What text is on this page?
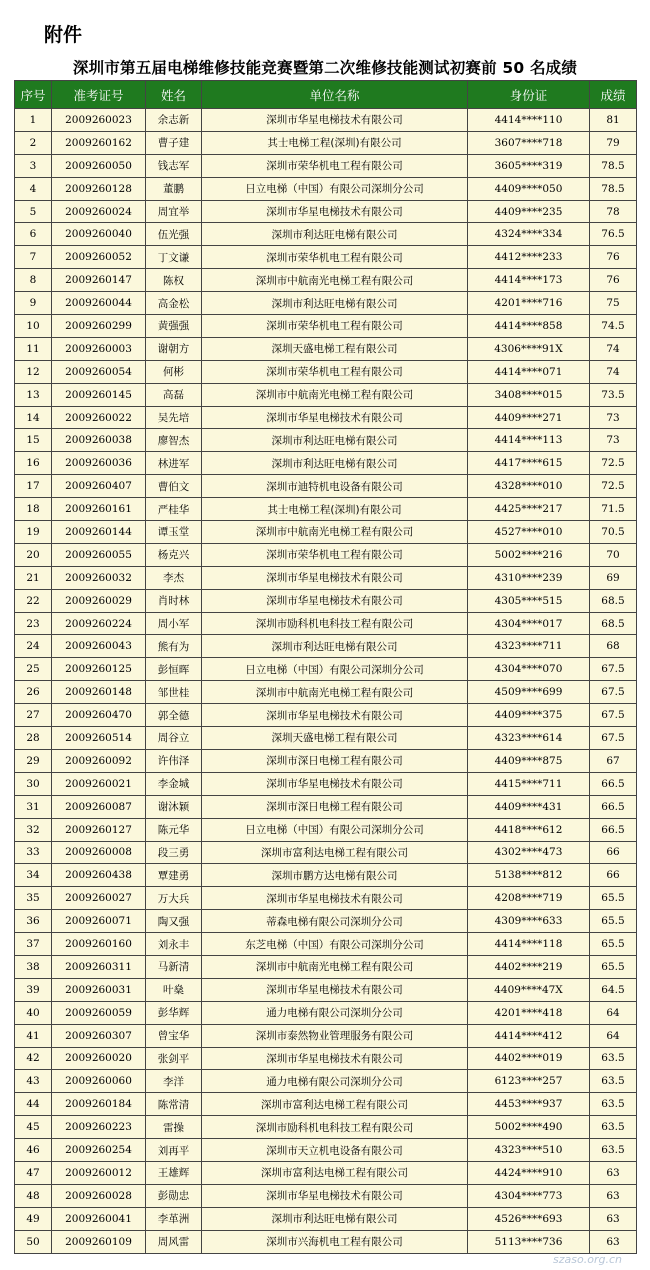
附件
深圳市第五届电梯维修技能竞赛暨第二次维修技能测试初赛前 50 名成绩
序号	准考证号	姓名	单位名称	身份证	成绩
1	2009260023	余志新	深圳市华星电梯技术有限公司	4414****110	81
2	2009260162	曹子建	其士电梯工程(深圳)有限公司	3607****718	79
3	2009260050	钱志军	深圳市荣华机电工程有限公司	3605****319	78.5
4	2009260128	董鹏	日立电梯（中国）有限公司深圳分公司	4409****050	78.5
5	2009260024	周宜举	深圳市华星电梯技术有限公司	4409****235	78
6	2009260040	伍光强	深圳市利达旺电梯有限公司	4324****334	76.5
7	2009260052	丁文谦	深圳市荣华机电工程有限公司	4412****233	76
8	2009260147	陈权	深圳市中航南光电梯工程有限公司	4414****173	76
9	2009260044	高金松	深圳市利达旺电梯有限公司	4201****716	75
10	2009260299	黄强强	深圳市荣华机电工程有限公司	4414****858	74.5
11	2009260003	谢朝方	深圳天盛电梯工程有限公司	4306****91X	74
12	2009260054	何彬	深圳市荣华机电工程有限公司	4414****071	74
13	2009260145	高磊	深圳市中航南光电梯工程有限公司	3408****015	73.5
14	2009260022	吴先培	深圳市华星电梯技术有限公司	4409****271	73
15	2009260038	廖智杰	深圳市利达旺电梯有限公司	4414****113	73
16	2009260036	林进军	深圳市利达旺电梯有限公司	4417****615	72.5
17	2009260407	曹伯文	深圳市迪特机电设备有限公司	4328****010	72.5
18	2009260161	严桂华	其士电梯工程(深圳)有限公司	4425****217	71.5
19	2009260144	谭玉堂	深圳市中航南光电梯工程有限公司	4527****010	70.5
20	2009260055	杨克兴	深圳市荣华机电工程有限公司	5002****216	70
21	2009260032	李杰	深圳市华星电梯技术有限公司	4310****239	69
22	2009260029	肖时林	深圳市华星电梯技术有限公司	4305****515	68.5
23	2009260224	周小军	深圳市励科机电科技工程有限公司	4304****017	68.5
24	2009260043	熊有为	深圳市利达旺电梯有限公司	4323****711	68
25	2009260125	彭恒晖	日立电梯（中国）有限公司深圳分公司	4304****070	67.5
26	2009260148	邹世桂	深圳市中航南光电梯工程有限公司	4509****699	67.5
27	2009260470	郭全德	深圳市华星电梯技术有限公司	4409****375	67.5
28	2009260514	周谷立	深圳天盛电梯工程有限公司	4323****614	67.5
29	2009260092	许伟泽	深圳市深日电梯工程有限公司	4409****875	67
30	2009260021	李金城	深圳市华星电梯技术有限公司	4415****711	66.5
31	2009260087	谢沐颖	深圳市深日电梯工程有限公司	4409****431	66.5
32	2009260127	陈元华	日立电梯（中国）有限公司深圳分公司	4418****612	66.5
33	2009260008	段三勇	深圳市富利达电梯工程有限公司	4302****473	66
34	2009260438	覃建勇	深圳市鹏方达电梯有限公司	5138****812	66
35	2009260027	万大兵	深圳市华星电梯技术有限公司	4208****719	65.5
36	2009260071	陶又强	蒂森电梯有限公司深圳分公司	4309****633	65.5
37	2009260160	刘永丰	东芝电梯（中国）有限公司深圳分公司	4414****118	65.5
38	2009260311	马新清	深圳市中航南光电梯工程有限公司	4402****219	65.5
39	2009260031	叶燊	深圳市华星电梯技术有限公司	4409****47X	64.5
40	2009260059	彭华辉	通力电梯有限公司深圳分公司	4201****418	64
41	2009260307	曾宝华	深圳市泰然物业管理服务有限公司	4414****412	64
42	2009260020	张剑平	深圳市华星电梯技术有限公司	4402****019	63.5
43	2009260060	李洋	通力电梯有限公司深圳分公司	6123****257	63.5
44	2009260184	陈常清	深圳市富利达电梯工程有限公司	4453****937	63.5
45	2009260223	雷操	深圳市励科机电科技工程有限公司	5002****490	63.5
46	2009260254	刘再平	深圳市天立机电设备有限公司	4323****510	63.5
47	2009260012	王雄辉	深圳市富利达电梯工程有限公司	4424****910	63
48	2009260028	彭勋忠	深圳市华星电梯技术有限公司	4304****773	63
49	2009260041	李革洲	深圳市利达旺电梯有限公司	4526****693	63
50	2009260109	周风雷	深圳市兴海机电工程有限公司	5113****736	63
szaso.org.cn
